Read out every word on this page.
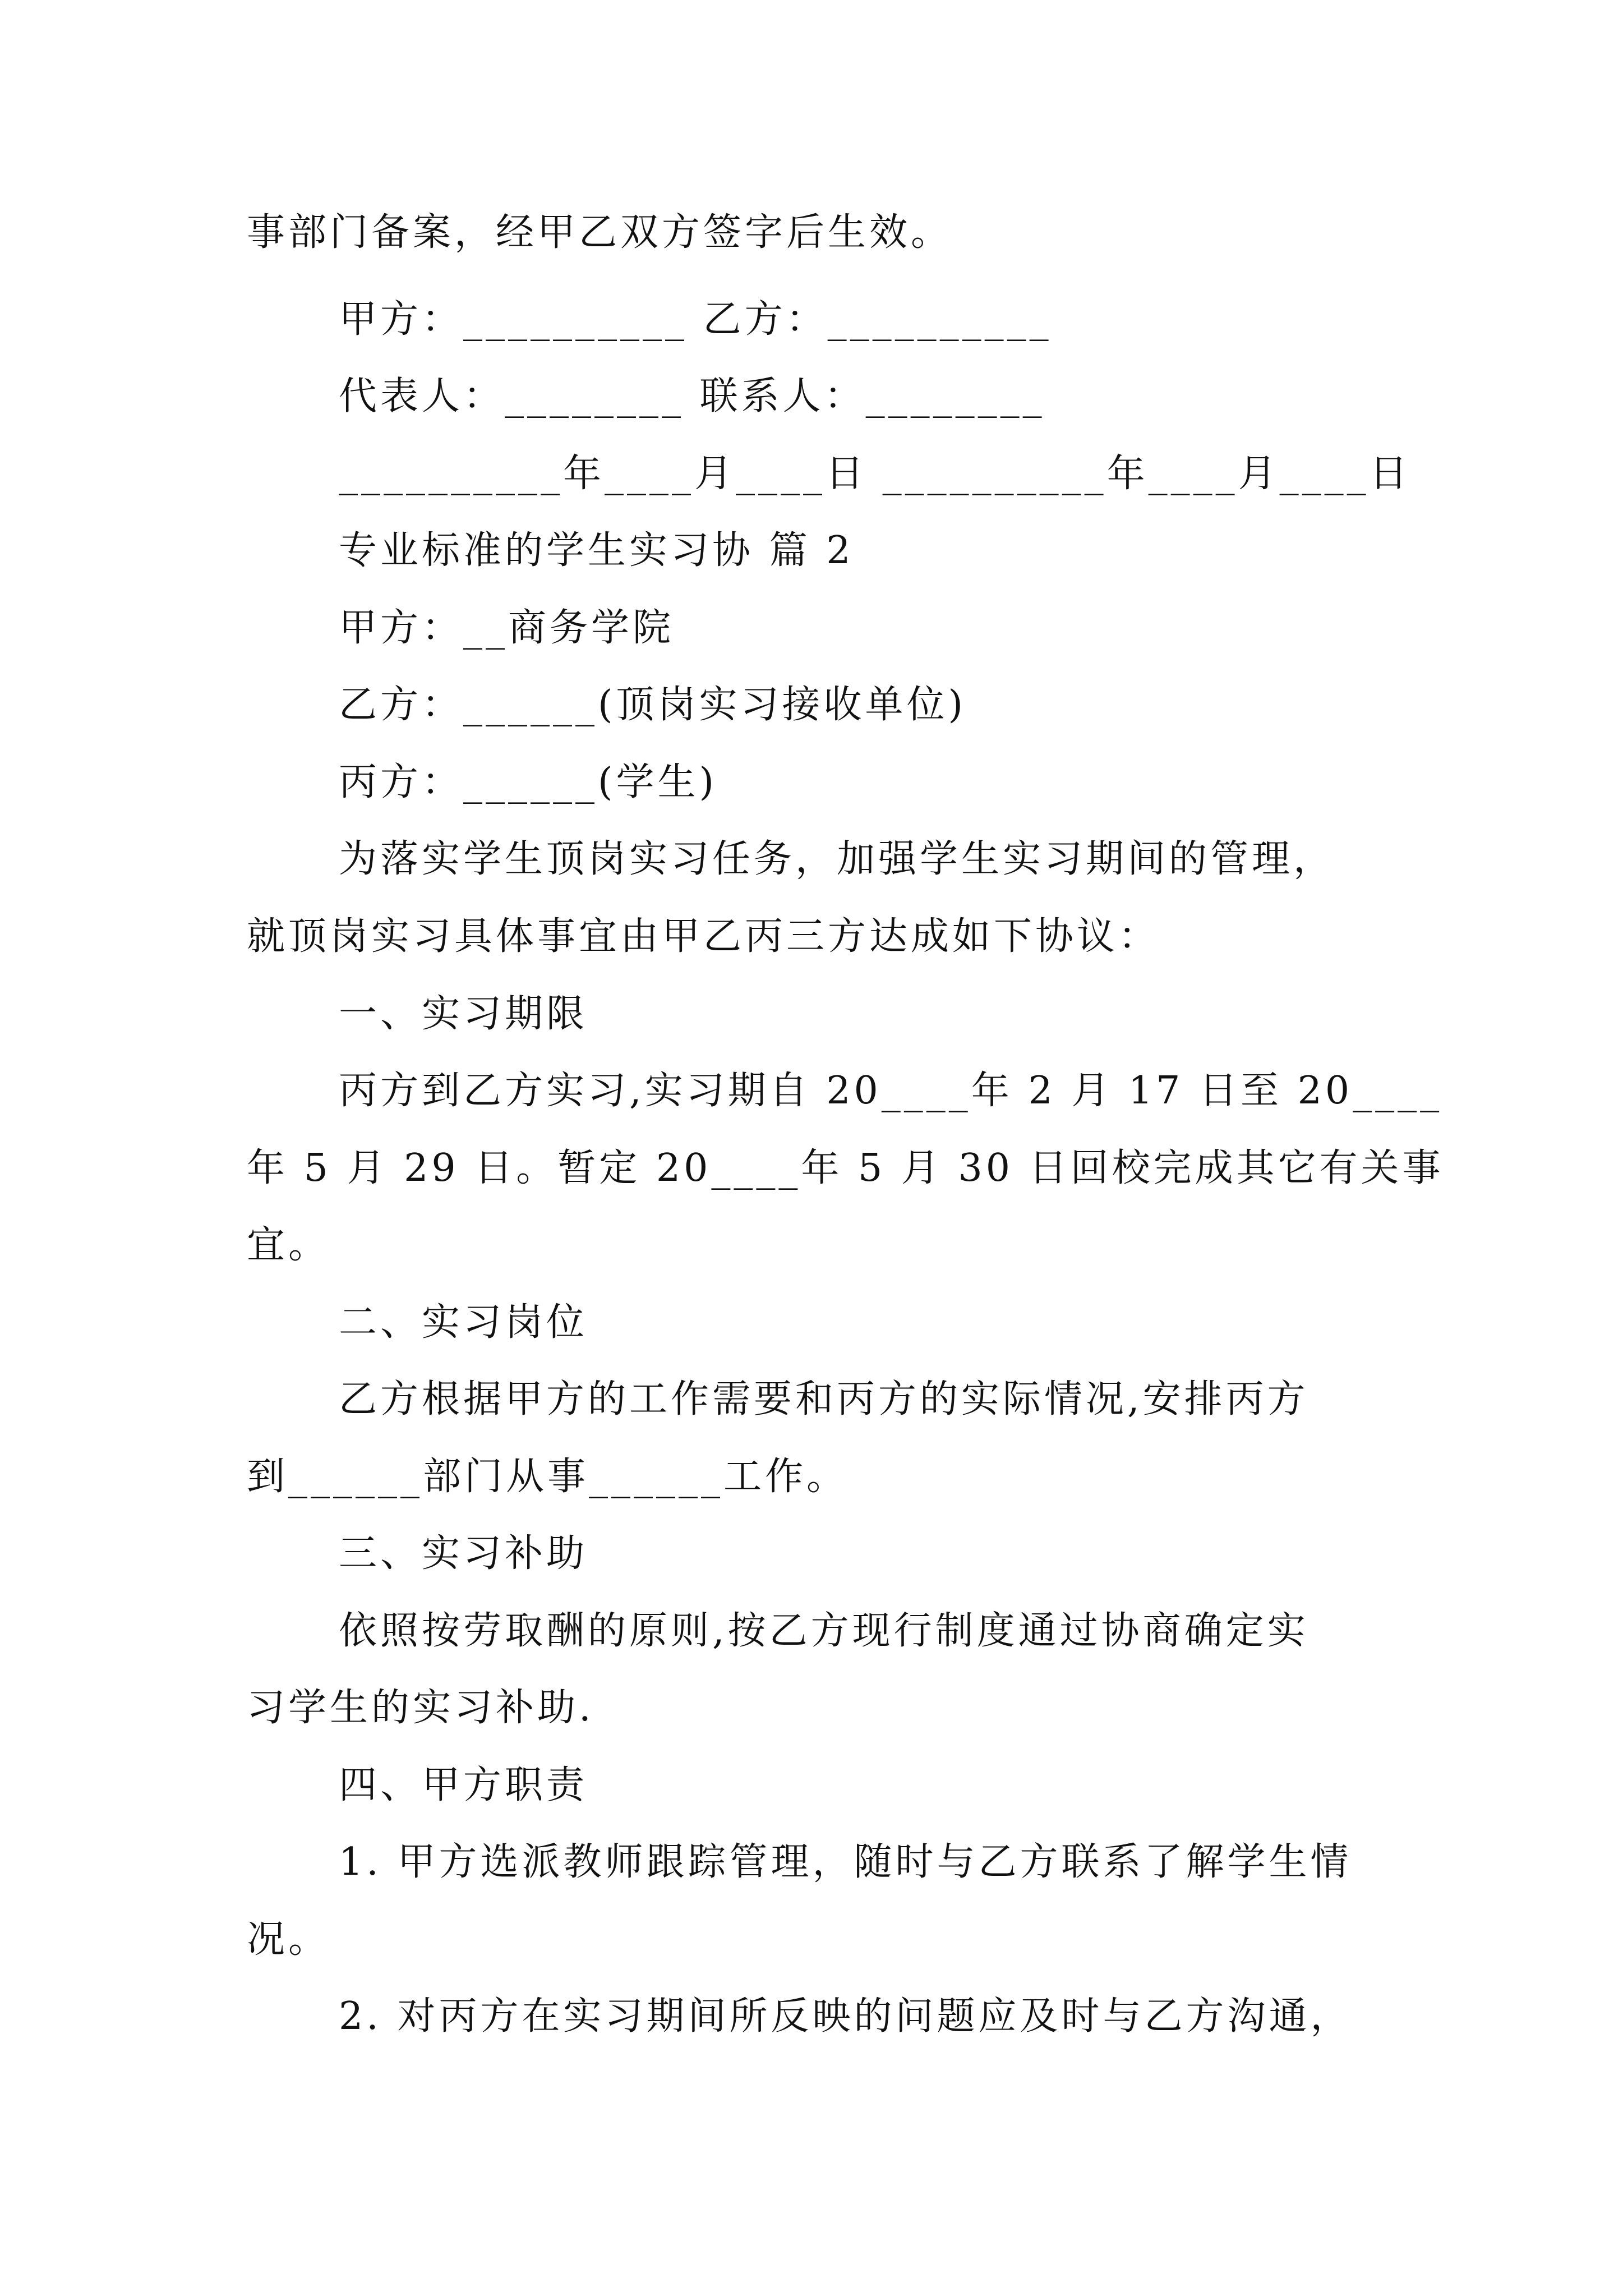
事部门备案，经甲乙双方签字后生效。
甲方：__________ 乙方：__________
代表人：________ 联系人：________
__________年____月____日 __________年____月____日
专业标准的学生实习协 篇 2
甲方：__商务学院
乙方：______(顶岗实习接收单位)
丙方：______(学生)
为落实学生顶岗实习任务，加强学生实习期间的管理，
就顶岗实习具体事宜由甲乙丙三方达成如下协议：
一、实习期限
丙方到乙方实习,实习期自 20____年 2 月 17 日至 20____
年 5 月 29 日。暂定 20____年 5 月 30 日回校完成其它有关事
宜。
二、实习岗位
乙方根据甲方的工作需要和丙方的实际情况,安排丙方
到______部门从事______工作。
三、实习补助
依照按劳取酬的原则,按乙方现行制度通过协商确定实
习学生的实习补助.
四、甲方职责
1. 甲方选派教师跟踪管理，随时与乙方联系了解学生情
况。
2. 对丙方在实习期间所反映的问题应及时与乙方沟通，
